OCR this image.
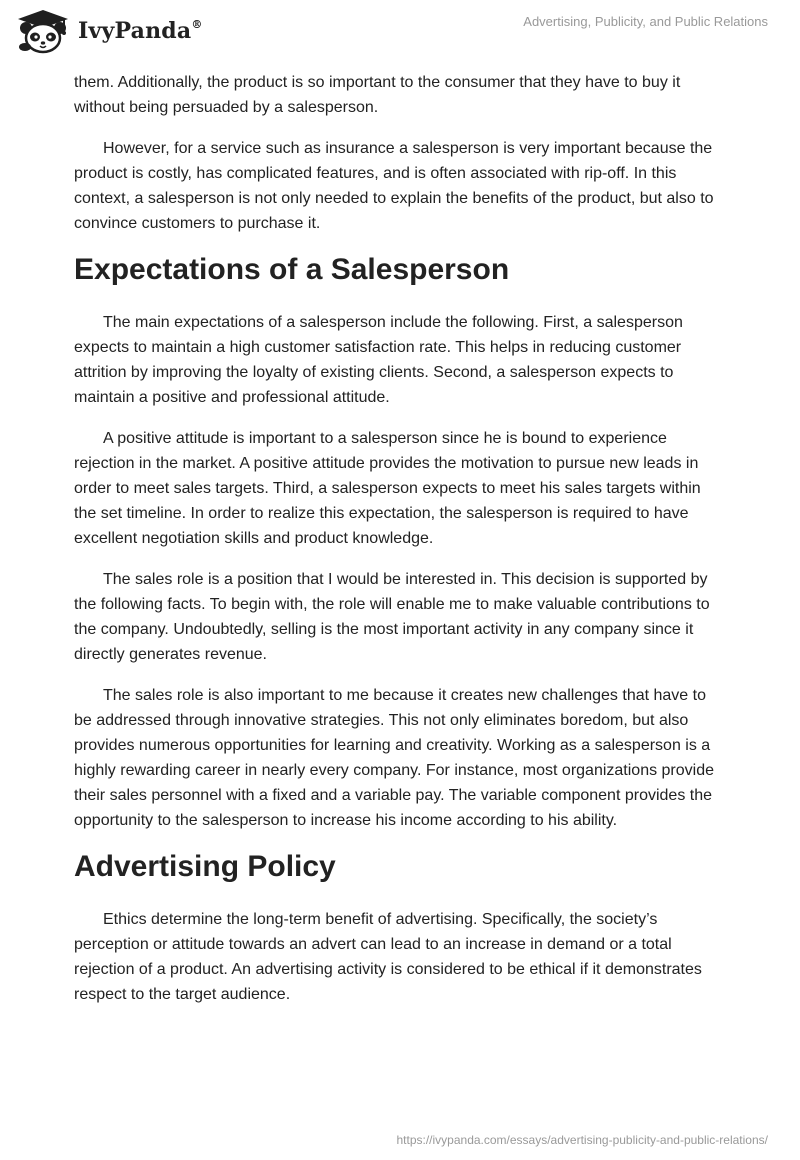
IvyPanda®	Advertising, Publicity, and Public Relations

them. Additionally, the product is so important to the consumer that they have to buy it without being persuaded by a salesperson.

However, for a service such as insurance a salesperson is very important because the product is costly, has complicated features, and is often associated with rip-off. In this context, a salesperson is not only needed to explain the benefits of the product, but also to convince customers to purchase it.

Expectations of a Salesperson

The main expectations of a salesperson include the following. First, a salesperson expects to maintain a high customer satisfaction rate. This helps in reducing customer attrition by improving the loyalty of existing clients. Second, a salesperson expects to maintain a positive and professional attitude.

A positive attitude is important to a salesperson since he is bound to experience rejection in the market. A positive attitude provides the motivation to pursue new leads in order to meet sales targets. Third, a salesperson expects to meet his sales targets within the set timeline. In order to realize this expectation, the salesperson is required to have excellent negotiation skills and product knowledge.

The sales role is a position that I would be interested in. This decision is supported by the following facts. To begin with, the role will enable me to make valuable contributions to the company. Undoubtedly, selling is the most important activity in any company since it directly generates revenue.

The sales role is also important to me because it creates new challenges that have to be addressed through innovative strategies. This not only eliminates boredom, but also provides numerous opportunities for learning and creativity. Working as a salesperson is a highly rewarding career in nearly every company. For instance, most organizations provide their sales personnel with a fixed and a variable pay. The variable component provides the opportunity to the salesperson to increase his income according to his ability.

Advertising Policy

Ethics determine the long-term benefit of advertising. Specifically, the society’s perception or attitude towards an advert can lead to an increase in demand or a total rejection of a product. An advertising activity is considered to be ethical if it demonstrates respect to the target audience.

https://ivypanda.com/essays/advertising-publicity-and-public-relations/
